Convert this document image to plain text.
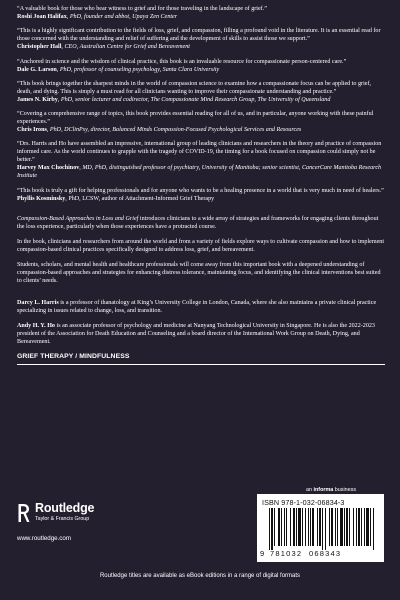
“A valuable book for those who bear witness to grief and for those traveling in the landscape of grief.”

Roshi Joan Halifax, PhD, founder and abbot, Upaya Zen Center

“This is a highly significant contribution to the fields of loss, grief, and compassion, filling a profound void in the literature. It is an essential read for those concerned with the understanding and relief of suffering and the development of skills to assist those we support.”

Christopher Hall, CEO, Australian Centre for Grief and Bereavement

“Anchored in science and the wisdom of clinical practice, this book is an invaluable resource for compassionate person-centered care.”

Dale G. Larson, PhD, professor of counseling psychology, Santa Clara University

“This book brings together the sharpest minds in the world of compassion science to examine how a compassionate focus can be applied to grief, death, and dying. This is simply a must read for all clinicians wanting to improve their compassionate understanding and practice.”

James N. Kirby, PhD, senior lecturer and codirector, The Compassionate Mind Research Group, The University of Queensland

“Covering a comprehensive range of topics, this book provides essential reading for all of us, and in particular, anyone working with these painful experiences.”

Chris Irons, PhD, DClinPsy, director, Balanced Minds Compassion-Focused Psychological Services and Resources

“Drs. Harris and Ho have assembled an impressive, international group of leading clinicians and researchers in the theory and practice of compassion informed care. As the world continues to grapple with the tragedy of COVID-19, the timing for a book focused on compassion could simply not be better.”

Harvey Max Chochinov, MD, PhD, distinguished professor of psychiatry, University of Manitoba; senior scientist, CancerCare Manitoba Research Institute

“This book is truly a gift for helping professionals and for anyone who wants to be a healing presence in a world that is very much in need of healers.”

Phyllis Kosminsky, PhD, LCSW, author of Attachment-Informed Grief Therapy

Compassion-Based Approaches in Loss and Grief introduces clinicians to a wide array of strategies and frameworks for engaging clients throughout the loss experience, particularly when those experiences have a protracted course.

In the book, clinicians and researchers from around the world and from a variety of fields explore ways to cultivate compassion and how to implement compassion-based clinical practices specifically designed to address loss, grief, and bereavement.

Students, scholars, and mental health and healthcare professionals will come away from this important book with a deepened understanding of compassion-based approaches and strategies for enhancing distress tolerance, maintaining focus, and identifying the clinical interventions best suited to clients’ needs.

Darcy L. Harris is a professor of thanatology at King’s University College in London, Canada, where she also maintains a private clinical practice specializing in issues related to change, loss, and transition.

Andy H. Y. Ho is an associate professor of psychology and medicine at Nanyang Technological University in Singapore. He is also the 2022-2023 president of the Association for Death Education and Counseling and a board director of the International Work Group on Death, Dying, and Bereavement.

GRIEF THERAPY / MINDFULNESS

Routledge
Taylor & Francis Group
www.routledge.com
an informa business
ISBN 978-1-032-06834-3
9 781032 068343
Routledge titles are available as eBook editions in a range of digital formats
